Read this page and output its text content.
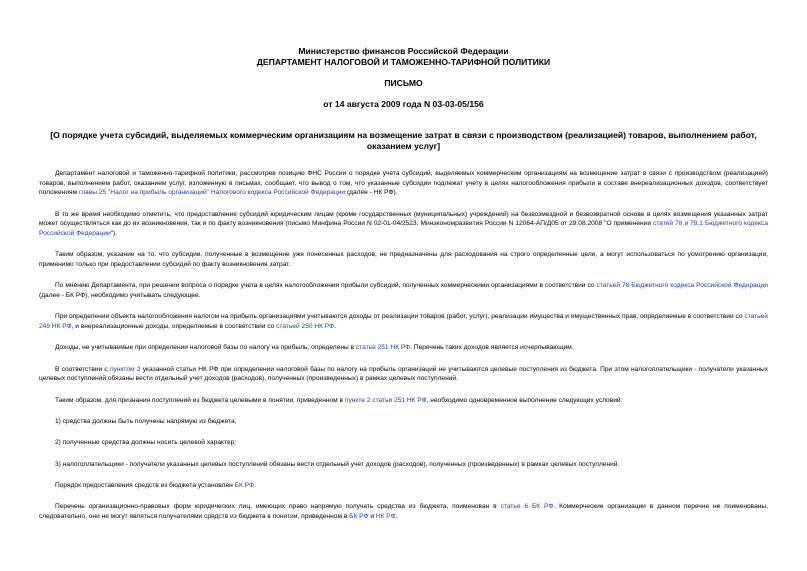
Министерство финансов Российской Федерации
ДЕПАРТАМЕНТ НАЛОГОВОЙ И ТАМОЖЕННО-ТАРИФНОЙ ПОЛИТИКИ
ПИСЬМО
от 14 августа 2009 года N 03-03-05/156
[О порядке учета субсидий, выделяемых коммерческим организациям на возмещение затрат в связи с производством (реализацией) товаров, выполнением работ, оказанием услуг]

Департамент налоговой и таможенно-тарифной политики, рассмотрев позицию ФНС России о порядке учета субсидий, выделяемых коммерческим организациям на возмещение затрат в связи с производством (реализацией) товаров, выполнением работ, оказанием услуг, изложенную в письмах, сообщает, что вывод о том, что указанные субсидии подлежат учету в целях налогообложения прибыли в составе внереализационных доходов, соответствует положениям главы 25 "Налог на прибыль организаций" Налогового кодекса Российской Федерации (далее - НК РФ).

В то же время необходимо отметить, что предоставление субсидий юридическим лицам (кроме государственных (муниципальных) учреждений) на безвозмездной и безвозвратной основе в целях возмещения указанных затрат может осуществляться как до их возникновения, так и по факту возникновения (письмо Минфина России N 02-01-04/2523, Минэкономразвития России N 12064-АП/Д05 от 29.08.2008 "О применении статей 78 и 78.1 Бюджетного кодекса Российской Федерации").

Таким образом, указание на то, что субсидии, полученные в возмещение уже понесенных расходов, не предназначены для расходования на строго определенные цели, а могут использоваться по усмотрению организации, применимо только при предоставлении субсидий по факту возникновения затрат.

По мнению Департамента, при решении вопроса о порядке учета в целях налогообложения прибыли субсидий, полученных коммерческими организациями в соответствии со статьей 78 Бюджетного кодекса Российской Федерации (далее - БК РФ), необходимо учитывать следующее.

При определении объекта налогообложения налогом на прибыль организациями учитываются доходы от реализации товаров (работ, услуг), реализации имущества и имущественных прав, определяемые в соответствии со статьей 249 НК РФ, и внереализационные доходы, определяемые в соответствии со статьей 250 НК РФ.

Доходы, не учитываемые при определении налоговой базы по налогу на прибыль, определены в статье 251 НК РФ. Перечень таких доходов является исчерпывающим.

В соответствии с пунктом 2 указанной статьи НК РФ при определении налоговой базы по налогу на прибыль организаций не учитываются целевые поступления из бюджета. При этом налогоплательщики - получатели указанных целевых поступлений обязаны вести отдельный учет доходов (расходов), полученных (произведенных) в рамках целевых поступлений.

Таким образом, для признания поступлений из бюджета целевыми в понятии, приведенном в пункте 2 статьи 251 НК РФ, необходимо одновременное выполнение следующих условий:

1) средства должны быть получены напрямую из бюджета;

2) полученные средства должны носить целевой характер;

3) налогоплательщики - получатели указанных целевых поступлений обязаны вести отдельный учет доходов (расходов), полученных (произведенных) в рамках целевых поступлений.

Порядок предоставления средств из бюджета установлен БК РФ.

Перечень организационно-правовых форм юридических лиц, имеющих право напрямую получать средства из бюджета, поименован в статье 6 БК РФ. Коммерческие организации в данном перечне не поименованы, следовательно, они не могут являться получателями средств из бюджета в понятии, приведенном в БК РФ и НК РФ.
